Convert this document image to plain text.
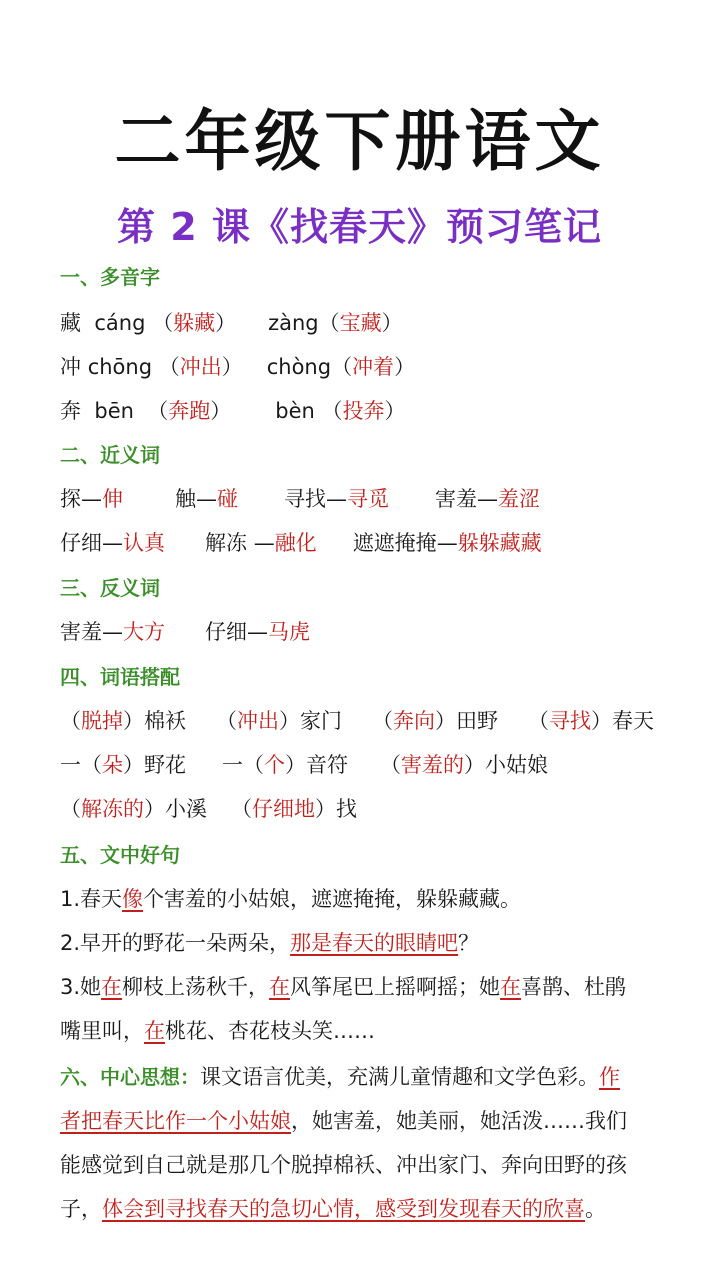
二年级下册语文
第 2 课《找春天》预习笔记
一、多音字
藏 cáng （躲藏） zàng（宝藏）
冲 chōng （冲出） chòng（冲着）
奔 bēn  （奔跑） bèn （投奔）
二、近义词
探—伸 触—碰 寻找—寻觅 害羞—羞涩
仔细—认真 解冻 —融化 遮遮掩掩—躲躲藏藏
三、反义词
害羞—大方 仔细—马虎
四、词语搭配
（脱掉）棉袄 （冲出）家门 （奔向）田野 （寻找）春天
一（朵）野花 一（个）音符 （害羞的）小姑娘
（解冻的）小溪 （仔细地）找
五、文中好句
1.春天像个害羞的小姑娘，遮遮掩掩，躲躲藏藏。
2.早开的野花一朵两朵，那是春天的眼睛吧？
3.她在柳枝上荡秋千，在风筝尾巴上摇啊摇；她在喜鹊、杜鹃
嘴里叫，在桃花、杏花枝头笑……
六、中心思想：课文语言优美，充满儿童情趣和文学色彩。作
者把春天比作一个小姑娘，她害羞，她美丽，她活泼……我们
能感觉到自己就是那几个脱掉棉袄、冲出家门、奔向田野的孩
子，体会到寻找春天的急切心情，感受到发现春天的欣喜。
